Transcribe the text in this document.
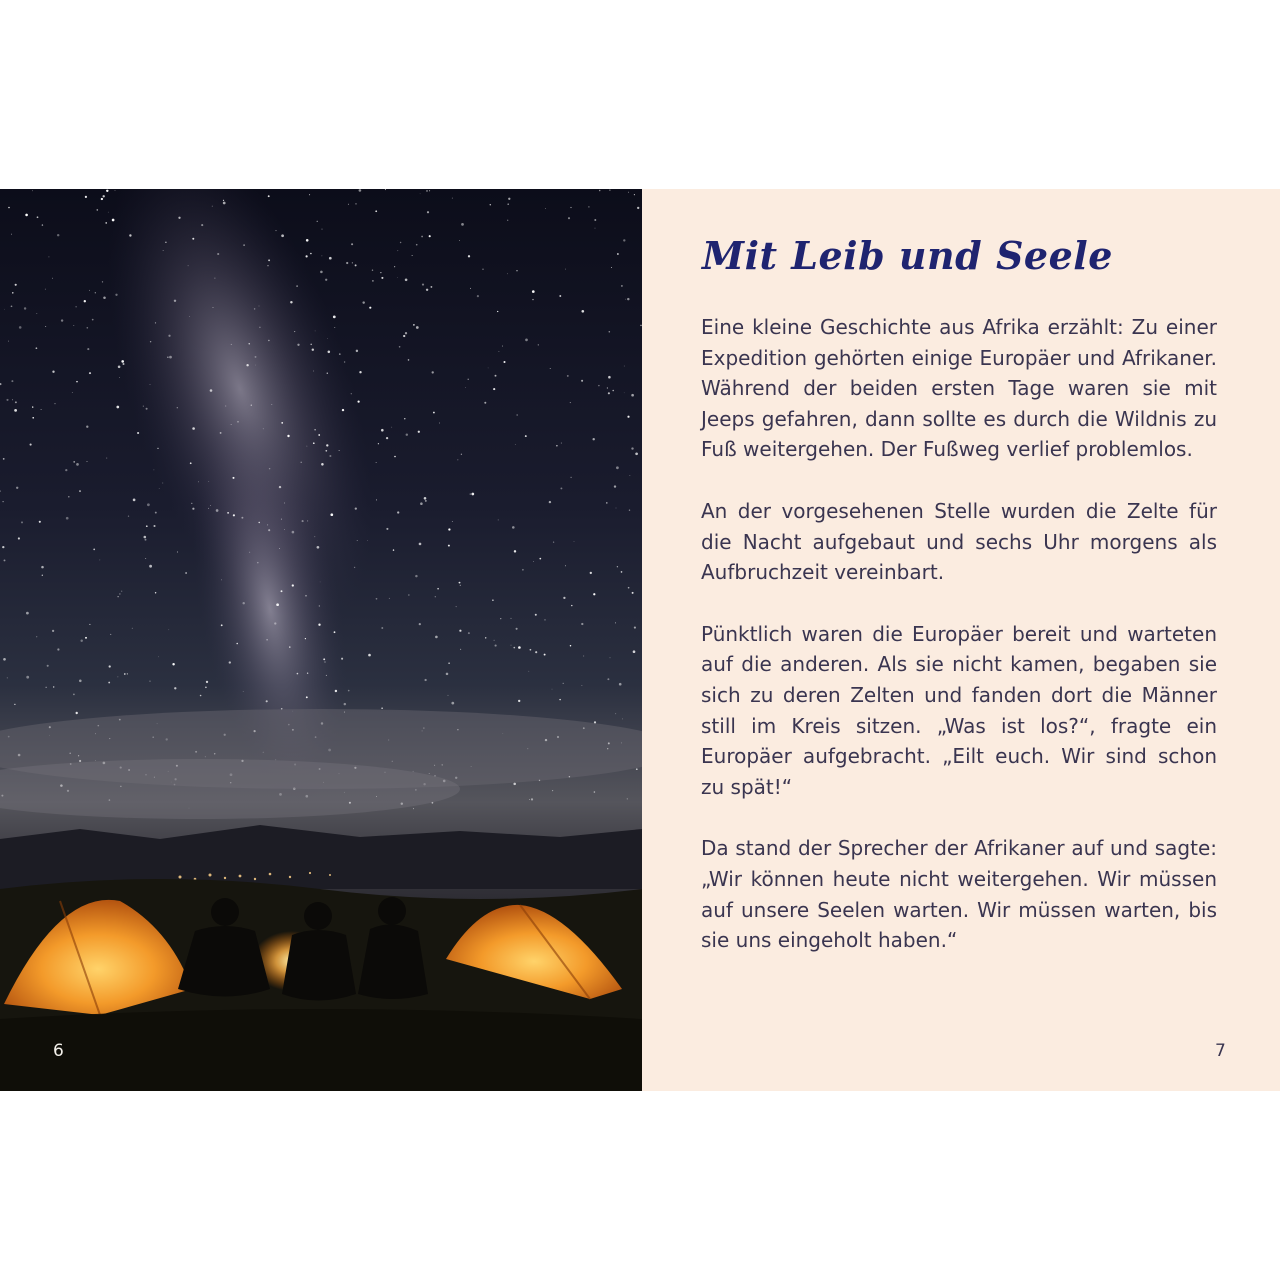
6
Mit Leib und Seele

Eine kleine Geschichte aus Afrika erzählt: Zu einer Expedition gehörten einige Europäer und Afrikaner. Während der beiden ersten Tage waren sie mit Jeeps gefahren, dann sollte es durch die Wildnis zu Fuß weitergehen. Der Fußweg verlief problemlos.

An der vorgesehenen Stelle wurden die Zelte für die Nacht aufgebaut und sechs Uhr morgens als Aufbruchzeit vereinbart.

Pünktlich waren die Europäer bereit und warteten auf die anderen. Als sie nicht kamen, begaben sie sich zu deren Zelten und fanden dort die Männer still im Kreis sitzen. „Was ist los?“, fragte ein Europäer aufgebracht. „Eilt euch. Wir sind schon zu spät!“

Da stand der Sprecher der Afrikaner auf und sagte: „Wir können heute nicht weitergehen. Wir müssen auf unsere Seelen warten. Wir müssen warten, bis sie uns eingeholt haben.“

7
